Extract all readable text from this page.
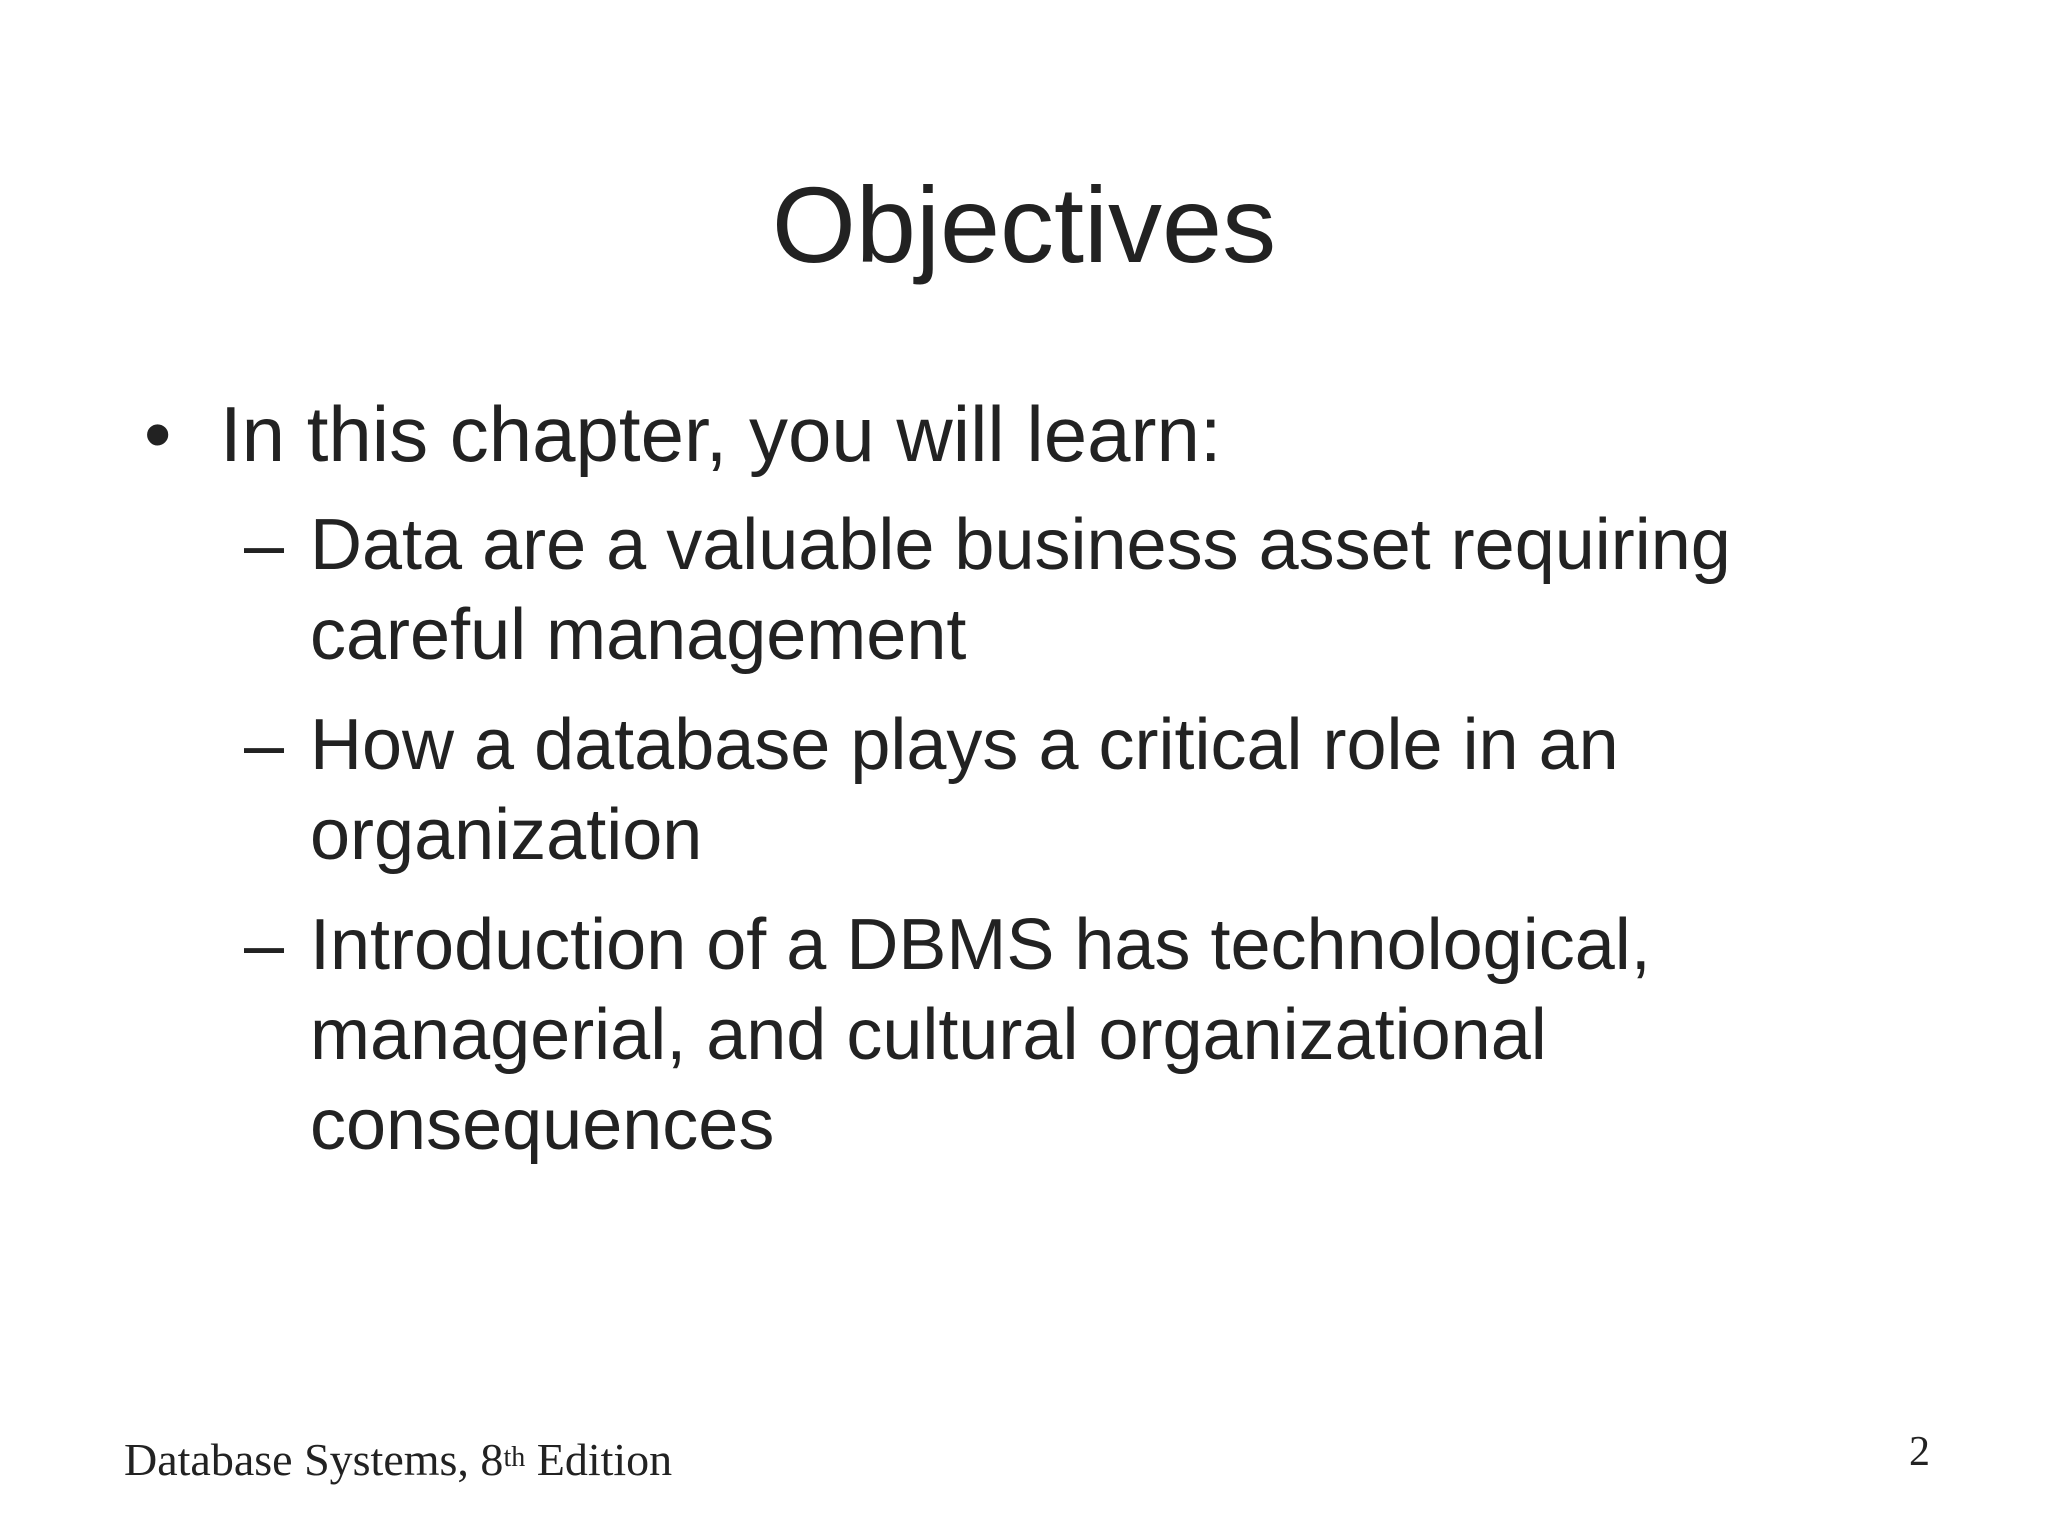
Objectives
• In this chapter, you will learn:
– Data are a valuable business asset requiring careful management
– How a database plays a critical role in an organization
– Introduction of a DBMS has technological, managerial, and cultural organizational consequences
Database Systems, 8th Edition	2
